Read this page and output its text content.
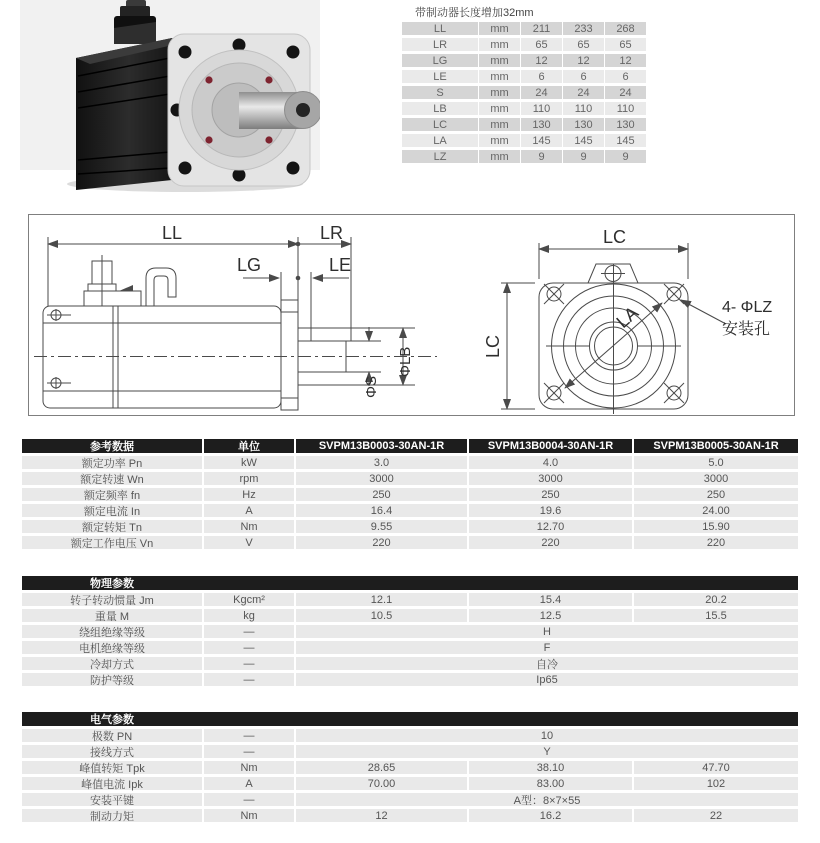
带制动器长度增加32mm
LL	mm	211	233	268
LR	mm	65	65	65
LG	mm	12	12	12
LE	mm	6	6	6
S	mm	24	24	24
LB	mm	110	110	110
LC	mm	130	130	130
LA	mm	145	145	145
LZ	mm	9	9	9
LL	LR
LG	LE
ΦS
ΦLB
LA
LC
LC
4- ΦLZ
安装孔
参考数据	单位	SVPM13B0003-30AN-1R	SVPM13B0004-30AN-1R	SVPM13B0005-30AN-1R
额定功率 Pn	kW	3.0	4.0	5.0
额定转速 Wn	rpm	3000	3000	3000
额定频率 fn	Hz	250	250	250
额定电流 In	A	16.4	19.6	24.00
额定转矩 Tn	Nm	9.55	12.70	15.90
额定工作电压 Vn	V	220	220	220
物理参数
转子转动惯量 Jm	Kgcm²	12.1	15.4	20.2
重量 M	kg	10.5	12.5	15.5
绕组绝缘等级	—	H
电机绝缘等级	—	F
冷却方式	—	自冷
防护等级	—	Ip65
电气参数
极数 PN	—	10
接线方式	—	Y
峰值转矩 Tpk	Nm	28.65	38.10	47.70
峰值电流 Ipk	A	70.00	83.00	102
安装平键	—	A型：8×7×55
制动力矩	Nm	12	16.2	22
